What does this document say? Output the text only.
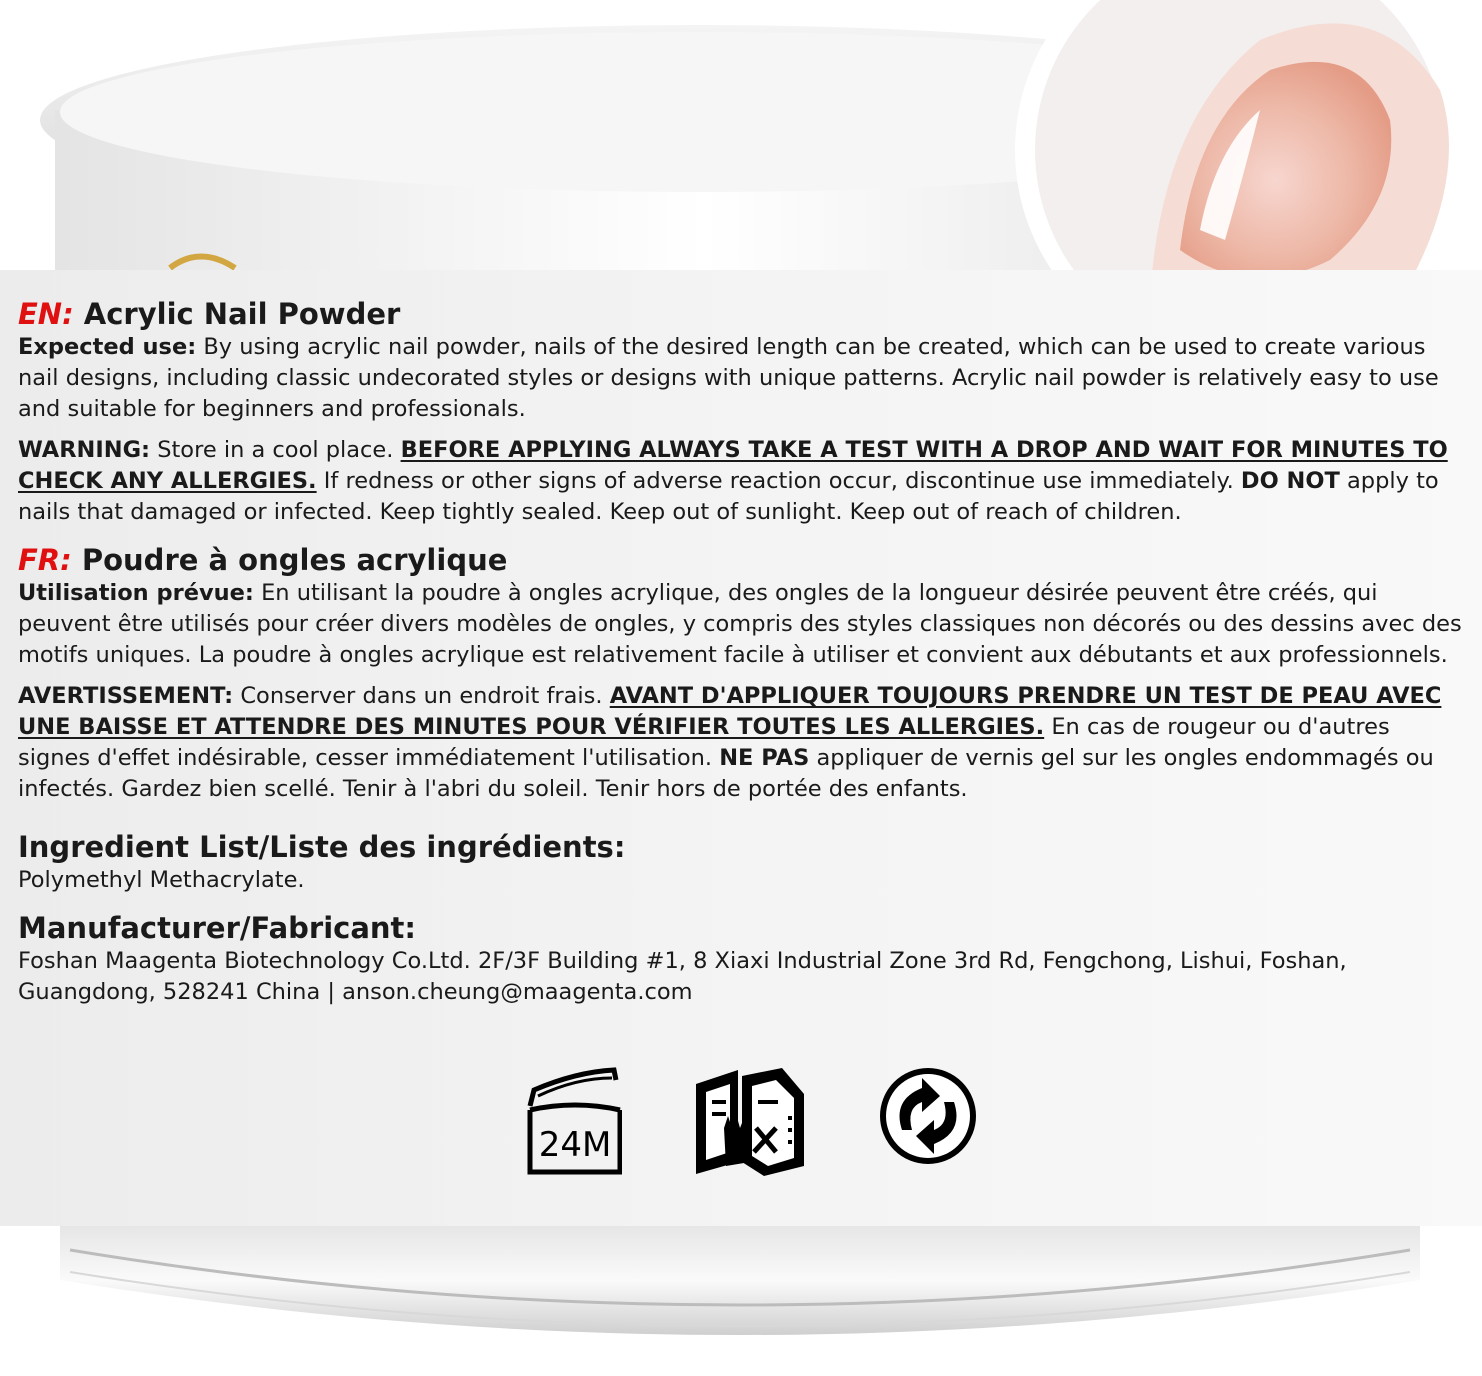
EN: Acrylic Nail Powder

Expected use: By using acrylic nail powder, nails of the desired length can be created, which can be used to create various nail designs, including classic undecorated styles or designs with unique patterns. Acrylic nail powder is relatively easy to use and suitable for beginners and professionals.

WARNING: Store in a cool place. BEFORE APPLYING ALWAYS TAKE A TEST WITH A DROP AND WAIT FOR MINUTES TO CHECK ANY ALLERGIES. If redness or other signs of adverse reaction occur, discontinue use immediately. DO NOT apply to nails that damaged or infected. Keep tightly sealed. Keep out of sunlight. Keep out of reach of children.

FR: Poudre à ongles acrylique

Utilisation prévue: En utilisant la poudre à ongles acrylique, des ongles de la longueur désirée peuvent être créés, qui peuvent être utilisés pour créer divers modèles de ongles, y compris des styles classiques non décorés ou des dessins avec des motifs uniques. La poudre à ongles acrylique est relativement facile à utiliser et convient aux débutants et aux professionnels.

AVERTISSEMENT: Conserver dans un endroit frais. AVANT D'APPLIQUER TOUJOURS PRENDRE UN TEST DE PEAU AVEC UNE BAISSE ET ATTENDRE DES MINUTES POUR VÉRIFIER TOUTES LES ALLERGIES. En cas de rougeur ou d'autres signes d'effet indésirable, cesser immédiatement l'utilisation. NE PAS appliquer de vernis gel sur les ongles endommagés ou infectés. Gardez bien scellé. Tenir à l'abri du soleil. Tenir hors de portée des enfants.

Ingredient List/Liste des ingrédients:

Polymethyl Methacrylate.

Manufacturer/Fabricant:

Foshan Maagenta Biotechnology Co.Ltd. 2F/3F Building #1, 8 Xiaxi Industrial Zone 3rd Rd, Fengchong, Lishui, Foshan,

Guangdong, 528241 China | anson.cheung@maagenta.com

24M
